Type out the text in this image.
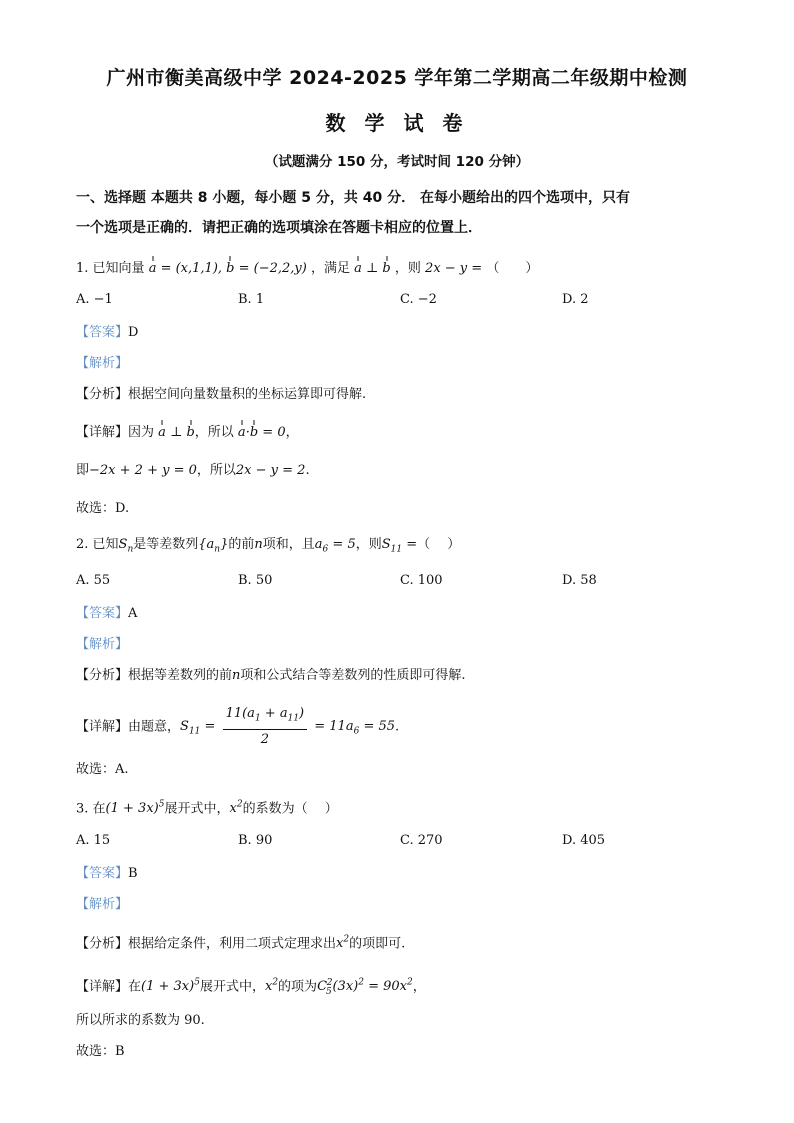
广州市衡美高级中学 2024-2025 学年第二学期高二年级期中检测
数 学 试 卷
（试题满分 150 分，考试时间 120 分钟）
一、选择题 本题共 8 小题，每小题 5 分，共 40 分． 在每小题给出的四个选项中，只有
一个选项是正确的．请把正确的选项填涂在答题卡相应的位置上．
1. 已知向量 a = (x,1,1), b = (−2,2,y) ，满足 a ⊥ b ，则 2x − y = （　　）
A. −1	B. 1	C. −2	D. 2
【答案】D
【解析】
【分析】根据空间向量数量积的坐标运算即可得解.
【详解】因为 a ⊥ b，所以 a·b = 0，
即−2x + 2 + y = 0，所以2x − y = 2.
故选：D.
2. 已知$S_n$是等差数列$\{a_n\}$的前n项和，且$a_6 = 5$，则$S_{11}$ =（　 ）
A. 55	B. 50	C. 100	D. 58
【答案】A
【解析】
【分析】根据等差数列的前n项和公式结合等差数列的性质即可得解.
【详解】由题意，$S_{11} = \frac{11(a_1 + a_{11})}{2} = 11a_6 = 55$.
故选：A.
3. 在$(1 + 3x)^5$展开式中，$x^2$的系数为（　 ）
A. 15	B. 90	C. 270	D. 405
【答案】B
【解析】
【分析】根据给定条件，利用二项式定理求出$x^2$的项即可.
【详解】在$(1 + 3x)^5$展开式中，$x^2$的项为$C_5^2(3x)^2 = 90x^2$，
所以所求的系数为 90.
故选：B
